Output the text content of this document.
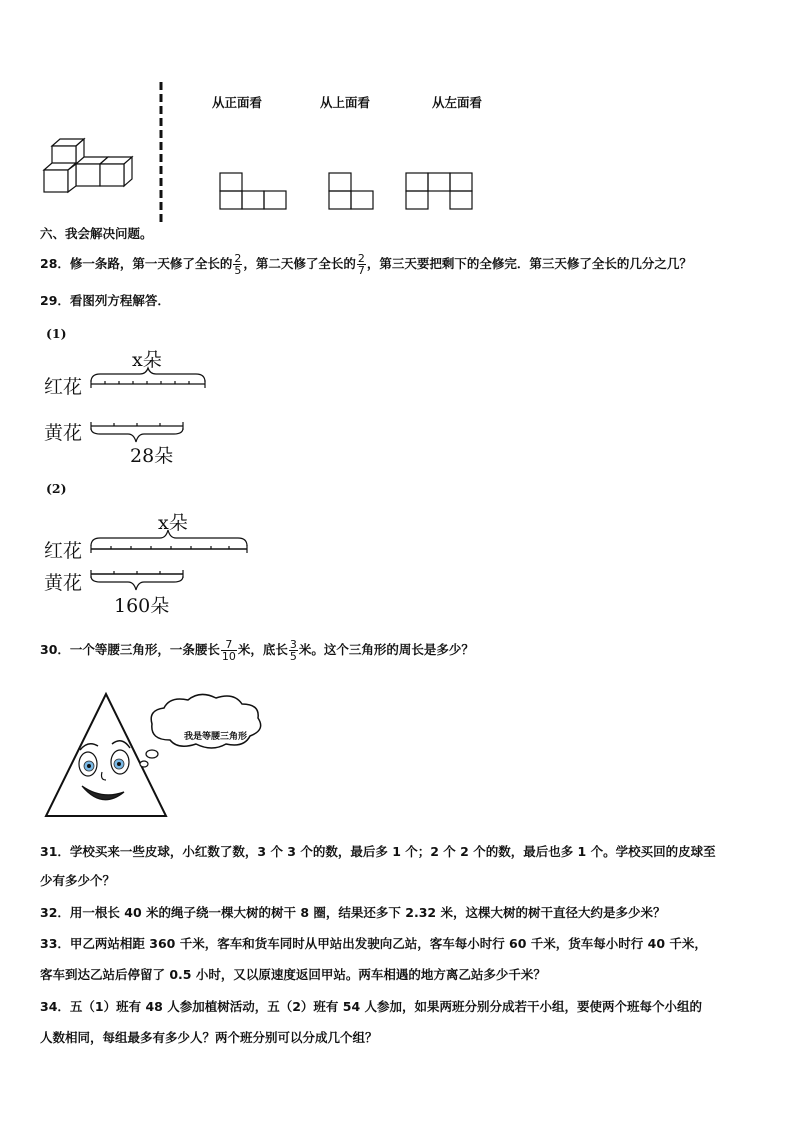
从正面看	从上面看	从左面看
六、我会解决问题。
28．修一条路，第一天修了全长的 $\frac{2}{5}$ ，第二天修了全长的 $\frac{2}{7}$ ，第三天要把剩下的全修完．第三天修了全长的几分之几？
29．看图列方程解答．
(1)
x朵
红花
黄花
28朵
(2)
x朵
红花
黄花
160朵
30．一个等腰三角形，一条腰长 $\frac{7}{10}$ 米，底长 $\frac{3}{5}$ 米。这个三角形的周长是多少？
我是等腰三角形
31．学校买来一些皮球，小红数了数，3 个 3 个的数，最后多 1 个；2 个 2 个的数，最后也多 1 个。学校买回的皮球至
少有多少个？
32．用一根长 40 米的绳子绕一棵大树的树干 8 圈，结果还多下 2.32 米，这棵大树的树干直径大约是多少米？
33．甲乙两站相距 360 千米，客车和货车同时从甲站出发驶向乙站，客车每小时行 60 千米，货车每小时行 40 千米，
客车到达乙站后停留了 0.5 小时，又以原速度返回甲站。两车相遇的地方离乙站多少千米？
34．五（1）班有 48 人参加植树活动，五（2）班有 54 人参加，如果两班分别分成若干小组，要使两个班每个小组的
人数相同，每组最多有多少人？两个班分别可以分成几个组？
